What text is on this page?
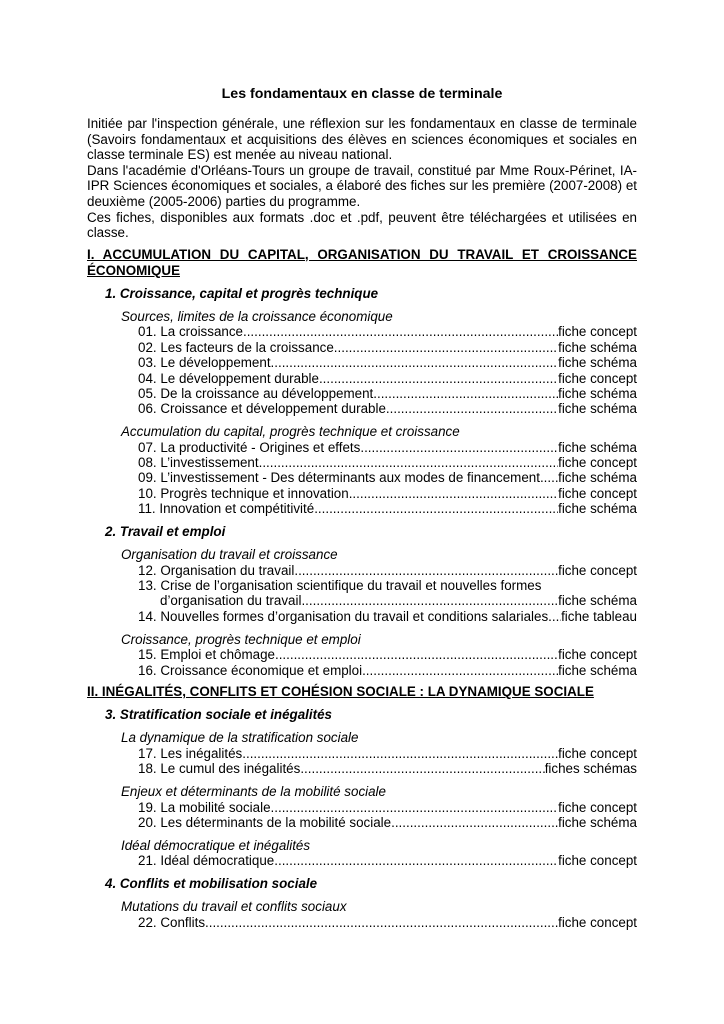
Les fondamentaux en classe de terminale
Initiée par l'inspection générale, une réflexion sur les fondamentaux en classe de terminale
(Savoirs fondamentaux et acquisitions des élèves en sciences économiques et sociales en
classe terminale ES) est menée au niveau national.
Dans l'académie d'Orléans-Tours un groupe de travail, constitué par Mme Roux-Périnet, IA-
IPR Sciences économiques et sociales, a élaboré des fiches sur les première (2007-2008) et
deuxième (2005-2006) parties du programme.
Ces fiches, disponibles aux formats .doc et .pdf, peuvent être téléchargées et utilisées en
classe.
I. ACCUMULATION DU CAPITAL, ORGANISATION DU TRAVAIL ET CROISSANCE
ÉCONOMIQUE
1. Croissance, capital et progrès technique
Sources, limites de la croissance économique
01.
La croissance .....	fiche concept
02.
Les facteurs de la croissance .....	fiche schéma
03.
Le développement .....	fiche schéma
04.
Le développement durable .....	fiche concept
05.
De la croissance au développement .....	fiche schéma
06.
Croissance et développement durable .....	fiche schéma
Accumulation du capital, progrès technique et croissance
07.
La productivité - Origines et effets .....	fiche schéma
08.
L’investissement .....	fiche concept
09.
L’investissement - Des déterminants aux modes de financement ..... fiche schéma
10.
Progrès technique et innovation .....	fiche concept
11.
Innovation et compétitivité .....	fiche schéma
2. Travail et emploi
Organisation du travail et croissance
12.
Organisation du travail .....	fiche concept
13. Crise de l’organisation scientifique du travail et nouvelles formes
d’organisation du travail .....	fiche schéma
14.
Nouvelles formes d’organisation du travail et conditions salariales ..... fiche tableau
Croissance, progrès technique et emploi
15.
Emploi et chômage .....	fiche concept
16.
Croissance économique et emploi .....	fiche schéma
II. INÉGALITÉS, CONFLITS ET COHÉSION SOCIALE : LA DYNAMIQUE SOCIALE
3. Stratification sociale et inégalités
La dynamique de la stratification sociale
17.
Les inégalités .....	fiche concept
18.
Le cumul des inégalités .....	fiches schémas
Enjeux et déterminants de la mobilité sociale
19.
La mobilité sociale .....	fiche concept
20.
Les déterminants de la mobilité sociale .....	fiche schéma
Idéal démocratique et inégalités
21.
Idéal démocratique .....	fiche concept
4. Conflits et mobilisation sociale
Mutations du travail et conflits sociaux
22.
Conflits .....	fiche concept
